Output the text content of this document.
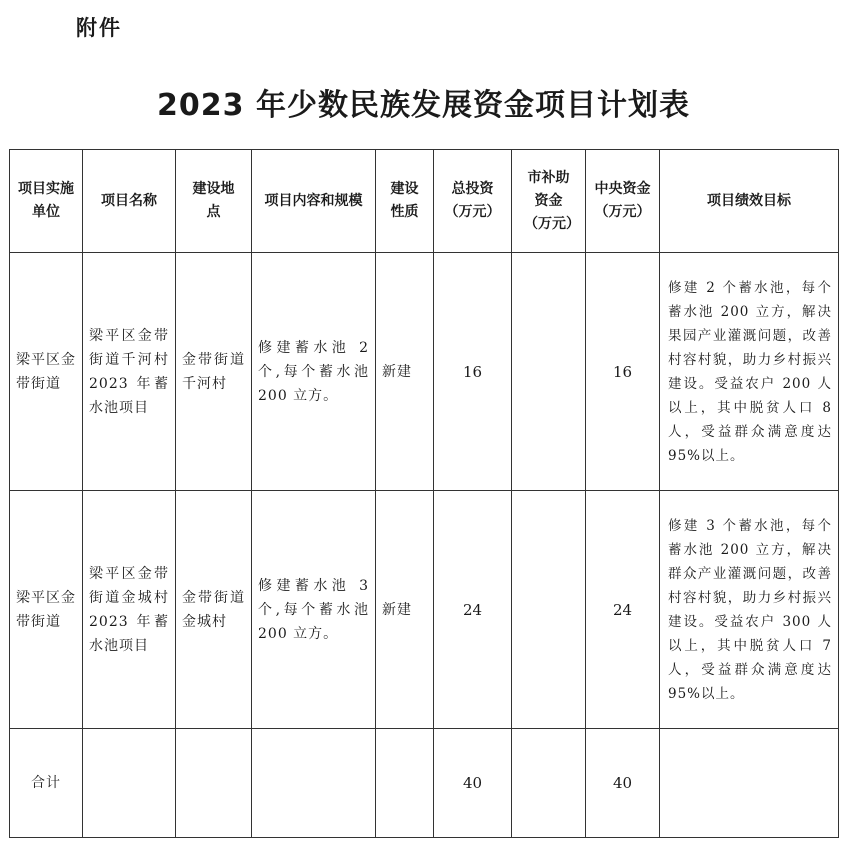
附件
2023 年少数民族发展资金项目计划表
项目实施单位	项目名称	建设地点	项目内容和规模	建设性质	总投资（万元）	市补助资金（万元）	中央资金（万元）	项目绩效目标

梁平区金带街道	梁平区金带街道千河村 2023 年蓄水池项目	金带街道千河村	修建蓄水池 2 个,每个蓄水池 200 立方。	新建	16		16	修建 2 个蓄水池，每个蓄水池 200 立方，解决果园产业灌溉问题，改善村容村貌，助力乡村振兴建设。受益农户 200 人以上，其中脱贫人口 8 人，受益群众满意度达 95%以上。

梁平区金带街道	梁平区金带街道金城村 2023 年蓄水池项目	金带街道金城村	修建蓄水池 3 个,每个蓄水池 200 立方。	新建	24		24	修建 3 个蓄水池，每个蓄水池 200 立方，解决群众产业灌溉问题，改善村容村貌，助力乡村振兴建设。受益农户 300 人以上，其中脱贫人口 7 人，受益群众满意度达 95%以上。

合计					40		40	
